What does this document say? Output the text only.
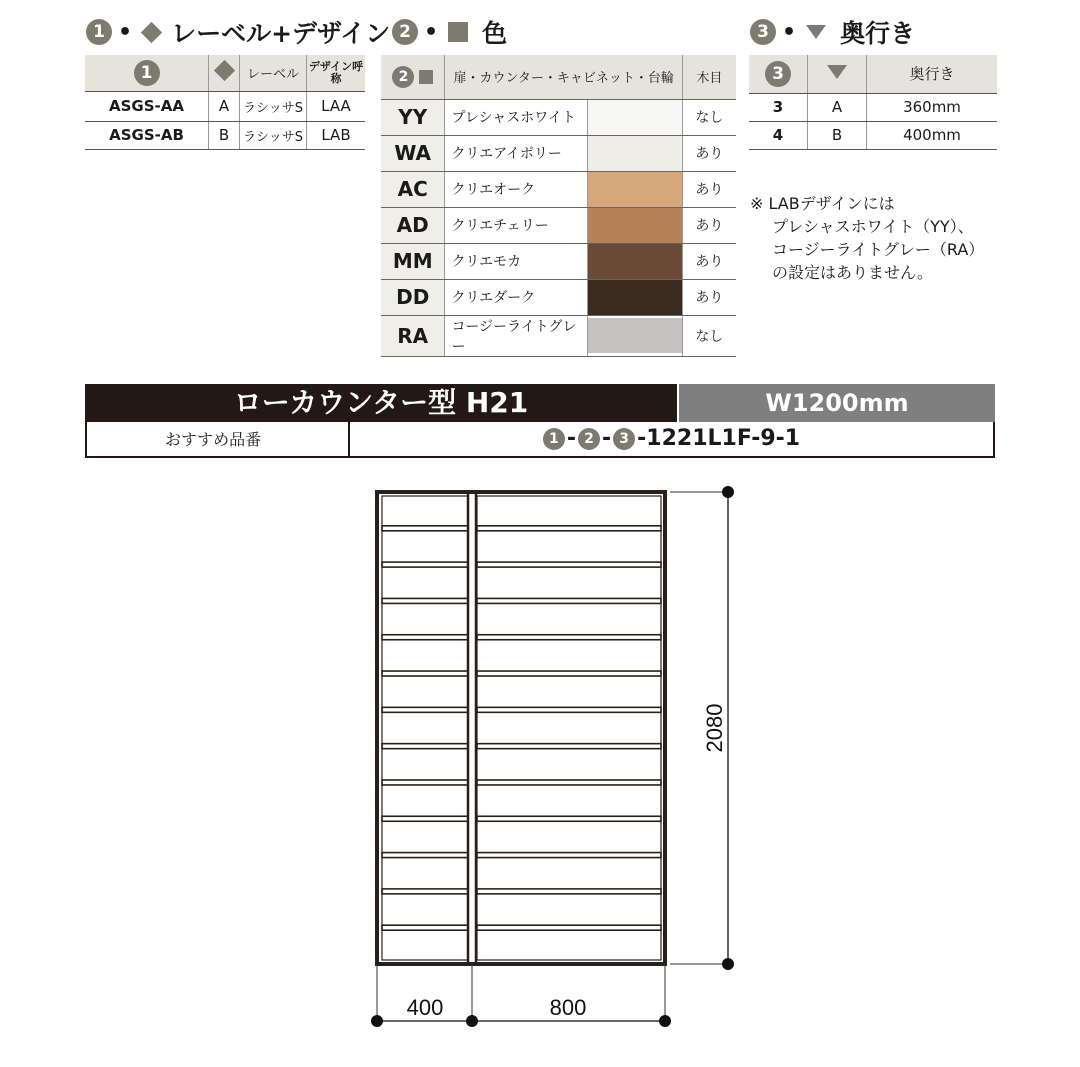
1 • レーベル+デザイン
1		レーベル	デザイン呼称
ASGS-AA	A	ラシッサS	LAA
ASGS-AB	B	ラシッサS	LAB
2 • 色
2	扉・カウンター・キャビネット・台輪		木目
YY	プレシャスホワイト		なし
WA	クリエアイボリー		あり
AC	クリエオーク		あり
AD	クリエチェリー		あり
MM	クリエモカ		あり
DD	クリエダーク		あり
RA	コージーライトグレー		なし
3 • 奥行き
3		奥行き
3	A	360mm
4	B	400mm
※ LABデザインには
プレシャスホワイト（YY）、
コージーライトグレー（RA）
の設定はありません。
ローカウンター型 H21	W1200mm
おすすめ品番	1 - 2 - 3 -1221L1F-9-1
2080
400	800
